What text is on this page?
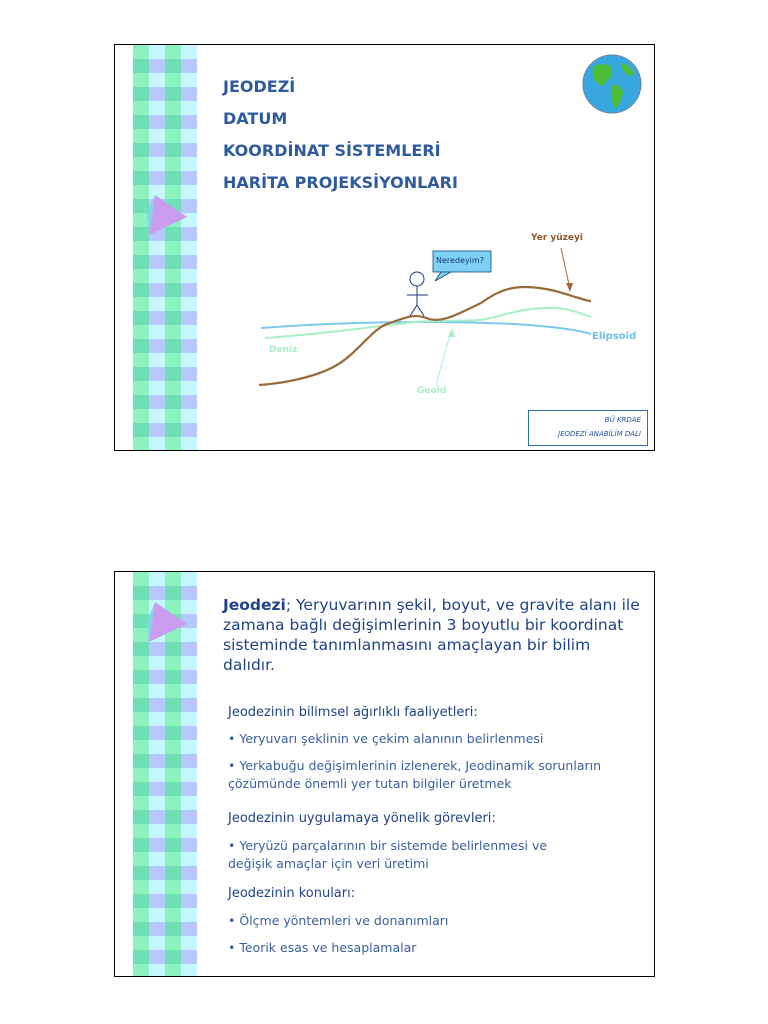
JEODEZİ
DATUM
KOORDİNAT SİSTEMLERİ
HARİTA PROJEKSİYONLARI
Neredeyim?
Yer yüzeyi
Elipsoid
Deniz
Geoid
BÜ KRDAE
JEODEZİ ANABİLİM DALI
Jeodezi; Yeryuvarının şekil, boyut, ve gravite alanı ile zamana bağlı değişimlerinin 3 boyutlu bir koordinat sisteminde tanımlanmasını amaçlayan bir bilim dalıdır.
Jeodezinin bilimsel ağırlıklı faaliyetleri:
• Yeryuvarı şeklinin ve çekim alanının belirlenmesi
• Yerkabuğu değişimlerinin izlenerek, Jeodinamik sorunların çözümünde önemli yer tutan bilgiler üretmek
Jeodezinin uygulamaya yönelik görevleri:
• Yeryüzü parçalarının bir sistemde belirlenmesi ve değişik amaçlar için veri üretimi
Jeodezinin konuları:
• Ölçme yöntemleri ve donanımları
• Teorik esas ve hesaplamalar
